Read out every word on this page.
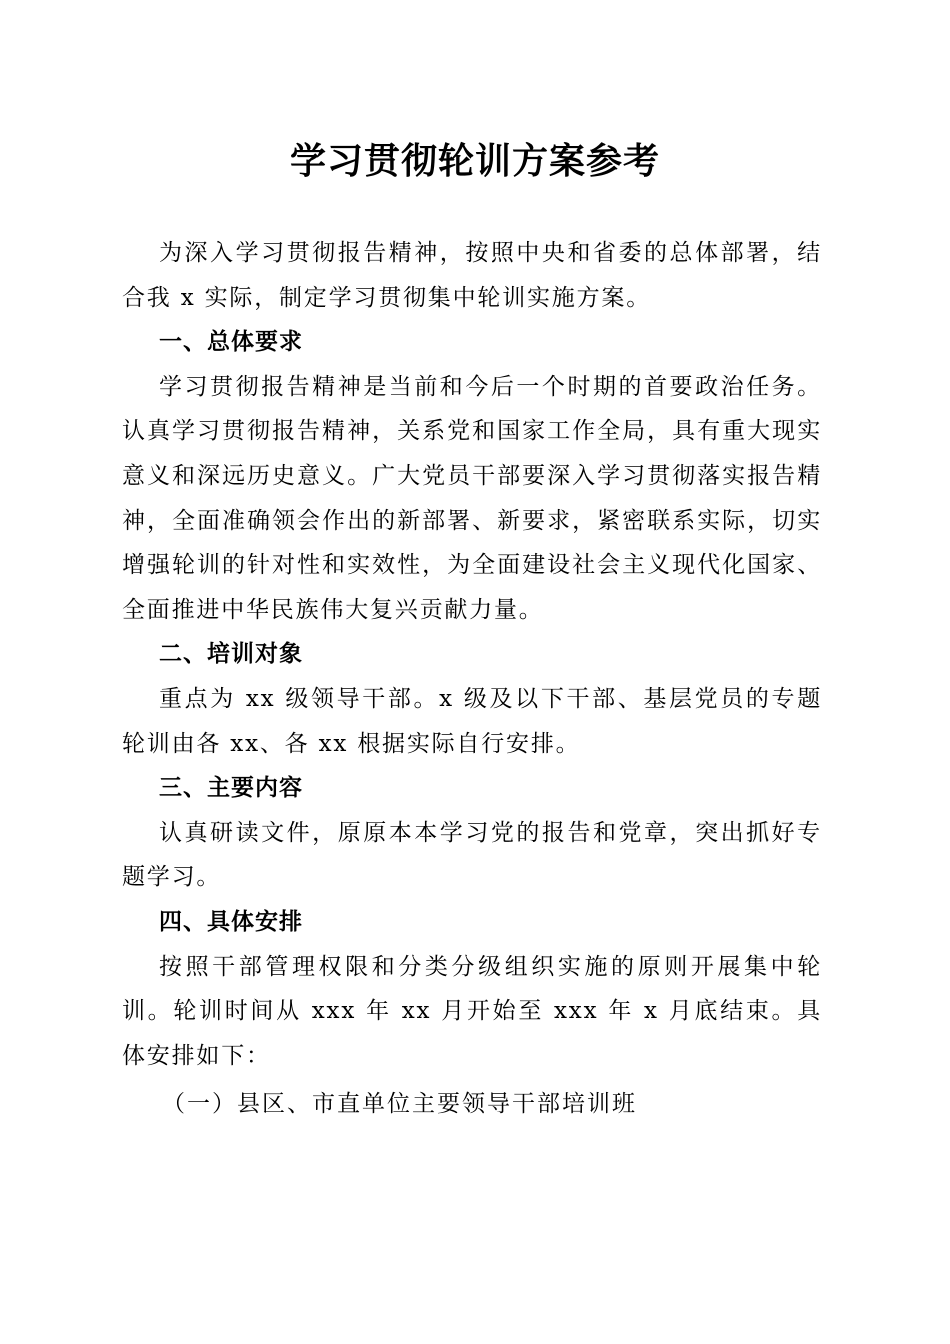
学习贯彻轮训方案参考

为深入学习贯彻报告精神，按照中央和省委的总体部署，结合我 x 实际，制定学习贯彻集中轮训实施方案。

一、总体要求

学习贯彻报告精神是当前和今后一个时期的首要政治任务。认真学习贯彻报告精神，关系党和国家工作全局，具有重大现实意义和深远历史意义。广大党员干部要深入学习贯彻落实报告精神，全面准确领会作出的新部署、新要求，紧密联系实际，切实增强轮训的针对性和实效性，为全面建设社会主义现代化国家、全面推进中华民族伟大复兴贡献力量。

二、培训对象

重点为 xx 级领导干部。x 级及以下干部、基层党员的专题轮训由各 xx、各 xx 根据实际自行安排。

三、主要内容

认真研读文件，原原本本学习党的报告和党章，突出抓好专题学习。

四、具体安排

按照干部管理权限和分类分级组织实施的原则开展集中轮训。轮训时间从 xxx 年 xx 月开始至 xxx 年 x 月底结束。具体安排如下：

（一）县区、市直单位主要领导干部培训班
